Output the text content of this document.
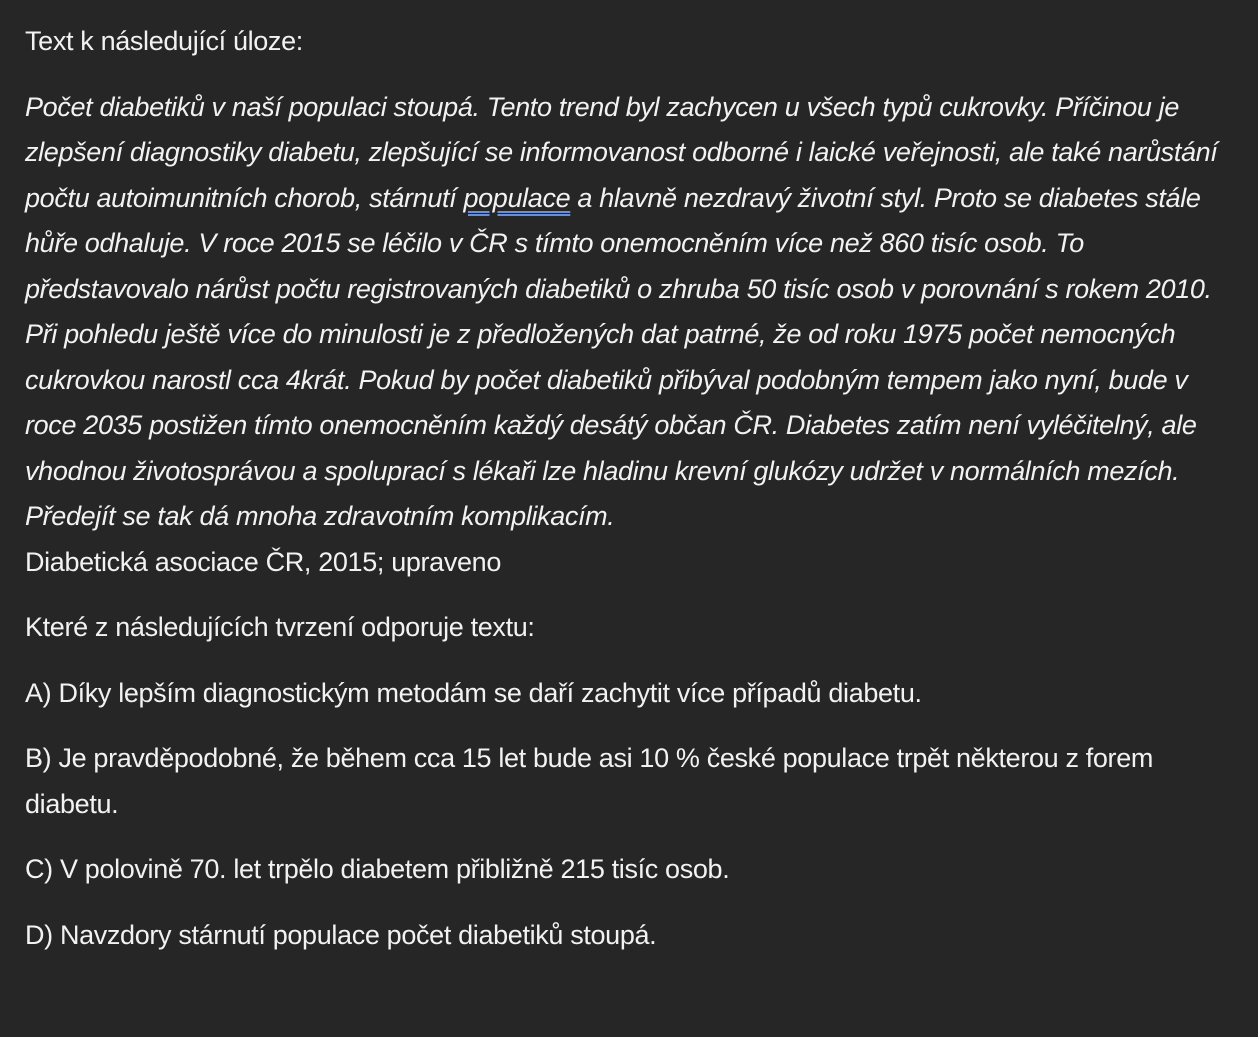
Text k následující úloze:

Počet diabetiků v naší populaci stoupá. Tento trend byl zachycen u všech typů cukrovky. Příčinou je zlepšení diagnostiky diabetu, zlepšující se informovanost odborné i laické veřejnosti, ale také narůstání počtu autoimunitních chorob, stárnutí populace a hlavně nezdravý životní styl. Proto se diabetes stále hůře odhaluje. V roce 2015 se léčilo v ČR s tímto onemocněním více než 860 tisíc osob. To představovalo nárůst počtu registrovaných diabetiků o zhruba 50 tisíc osob v porovnání s rokem 2010. Při pohledu ještě více do minulosti je z předložených dat patrné, že od roku 1975 počet nemocných cukrovkou narostl cca 4krát. Pokud by počet diabetiků přibýval podobným tempem jako nyní, bude v roce 2035 postižen tímto onemocněním každý desátý občan ČR. Diabetes zatím není vyléčitelný, ale vhodnou životosprávou a spoluprací s lékaři lze hladinu krevní glukózy udržet v normálních mezích. Předejít se tak dá mnoha zdravotním komplikacím.
Diabetická asociace ČR, 2015; upraveno

Které z následujících tvrzení odporuje textu:

A) Díky lepším diagnostickým metodám se daří zachytit více případů diabetu.

B) Je pravděpodobné, že během cca 15 let bude asi 10 % české populace trpět některou z forem diabetu.

C) V polovině 70. let trpělo diabetem přibližně 215 tisíc osob.

D) Navzdory stárnutí populace počet diabetiků stoupá.
